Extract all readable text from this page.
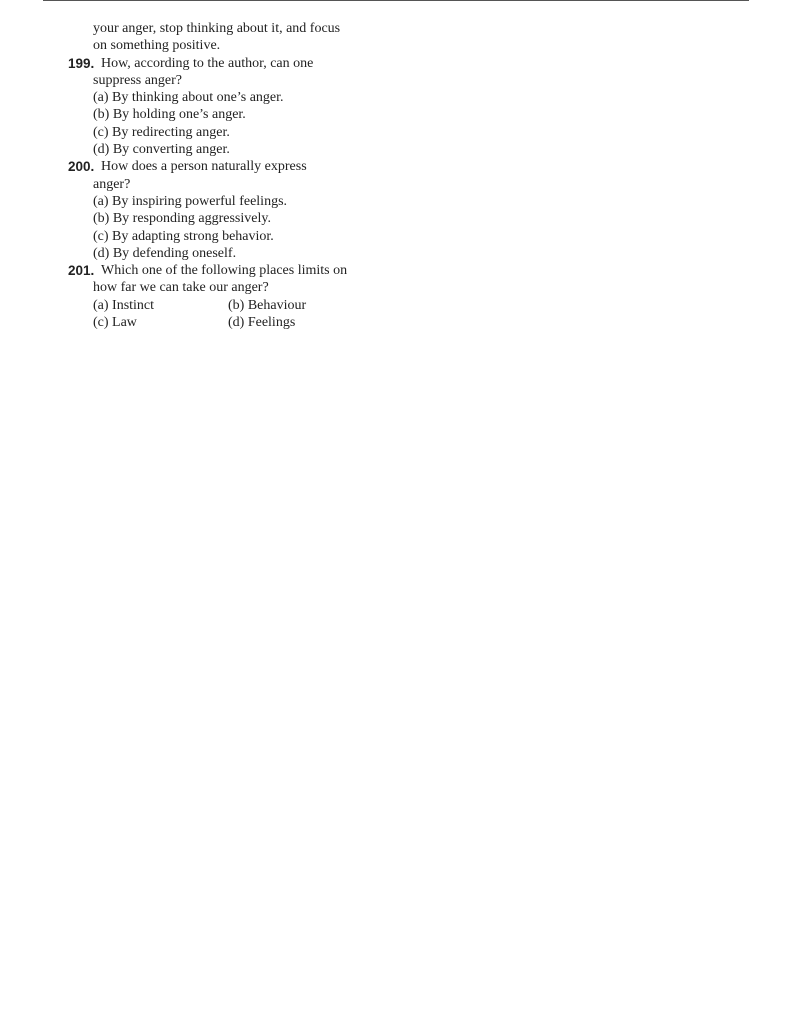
your anger, stop thinking about it, and focus
on something positive.
199. How, according to the author, can one
suppress anger?
(a) By thinking about one’s anger.
(b) By holding one’s anger.
(c) By redirecting anger.
(d) By converting anger.
200. How does a person naturally express
anger?
(a) By inspiring powerful feelings.
(b) By responding aggressively.
(c) By adapting strong behavior.
(d) By defending oneself.
201. Which one of the following places limits on
how far we can take our anger?
(a) Instinct	(b) Behaviour
(c) Law	(d) Feelings
